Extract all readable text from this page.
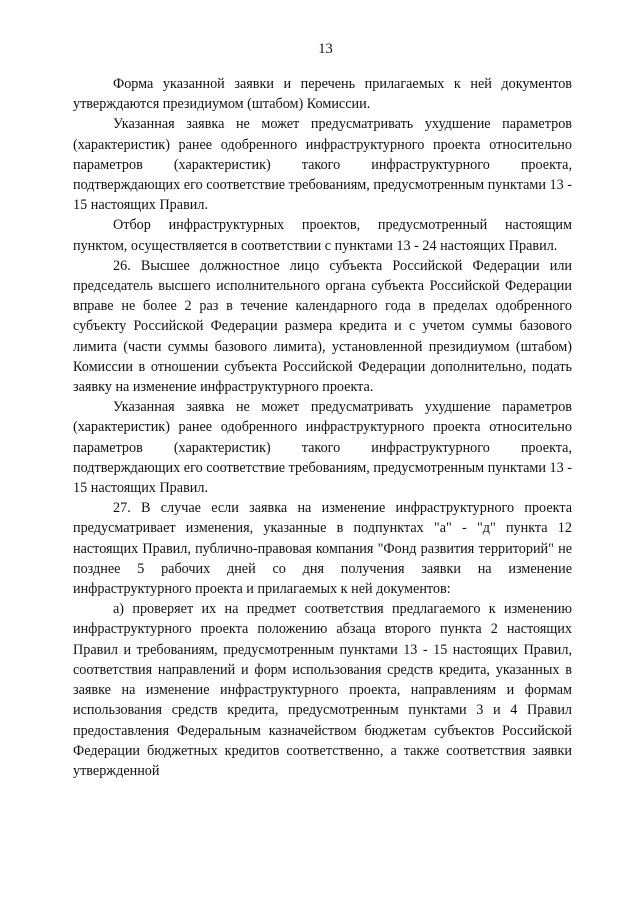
13

Форма указанной заявки и перечень прилагаемых к ней документов утверждаются президиумом (штабом) Комиссии.

Указанная заявка не может предусматривать ухудшение параметров (характеристик) ранее одобренного инфраструктурного проекта относительно параметров (характеристик) такого инфраструктурного проекта, подтверждающих его соответствие требованиям, предусмотренным пунктами 13 - 15 настоящих Правил.

Отбор инфраструктурных проектов, предусмотренный настоящим пунктом, осуществляется в соответствии с пунктами 13 - 24 настоящих Правил.

26. Высшее должностное лицо субъекта Российской Федерации или председатель высшего исполнительного органа субъекта Российской Федерации вправе не более 2 раз в течение календарного года в пределах одобренного субъекту Российской Федерации размера кредита и с учетом суммы базового лимита (части суммы базового лимита), установленной президиумом (штабом) Комиссии в отношении субъекта Российской Федерации дополнительно, подать заявку на изменение инфраструктурного проекта.

Указанная заявка не может предусматривать ухудшение параметров (характеристик) ранее одобренного инфраструктурного проекта относительно параметров (характеристик) такого инфраструктурного проекта, подтверждающих его соответствие требованиям, предусмотренным пунктами 13 - 15 настоящих Правил.

27. В случае если заявка на изменение инфраструктурного проекта предусматривает изменения, указанные в подпунктах "а" - "д" пункта 12 настоящих Правил, публично-правовая компания "Фонд развития территорий" не позднее 5 рабочих дней со дня получения заявки на изменение инфраструктурного проекта и прилагаемых к ней документов:

а) проверяет их на предмет соответствия предлагаемого к изменению инфраструктурного проекта положению абзаца второго пункта 2 настоящих Правил и требованиям, предусмотренным пунктами 13 - 15 настоящих Правил, соответствия направлений и форм использования средств кредита, указанных в заявке на изменение инфраструктурного проекта, направлениям и формам использования средств кредита, предусмотренным пунктами 3 и 4 Правил предоставления Федеральным казначейством бюджетам субъектов Российской Федерации бюджетных кредитов соответственно, а также соответствия заявки утвержденной
